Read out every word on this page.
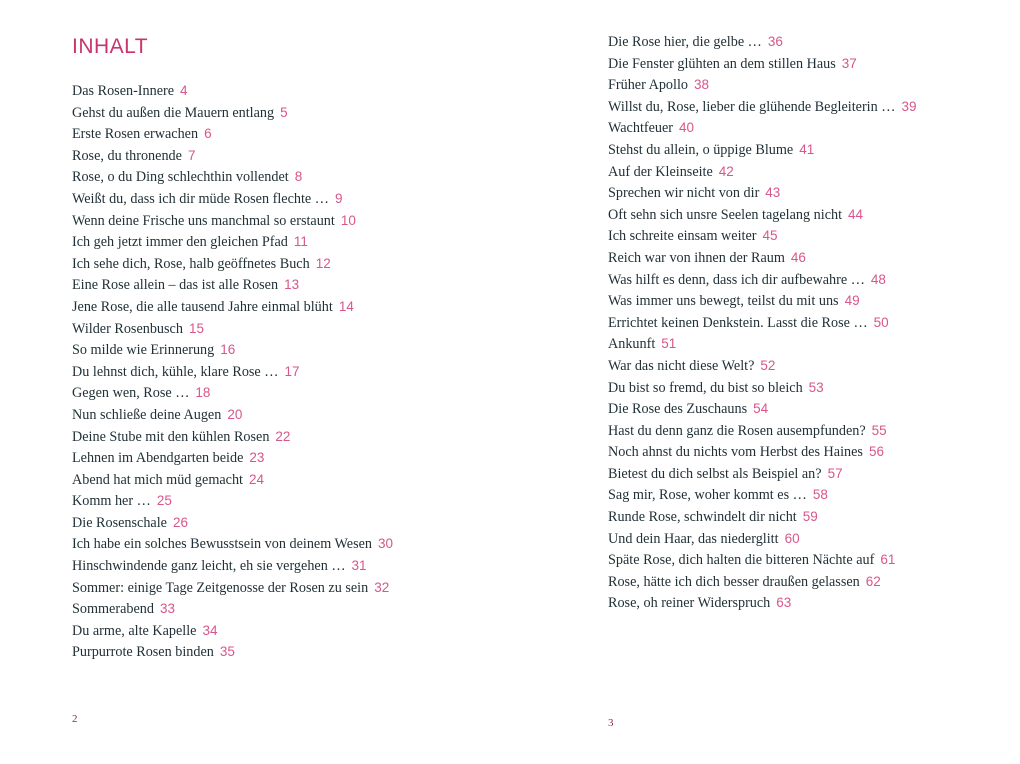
INHALT
Das Rosen-Innere 4
Gehst du außen die Mauern entlang 5
Erste Rosen erwachen 6
Rose, du thronende 7
Rose, o du Ding schlechthin vollendet 8
Weißt du, dass ich dir müde Rosen flechte … 9
Wenn deine Frische uns manchmal so erstaunt 10
Ich geh jetzt immer den gleichen Pfad 11
Ich sehe dich, Rose, halb geöffnetes Buch 12
Eine Rose allein – das ist alle Rosen 13
Jene Rose, die alle tausend Jahre einmal blüht 14
Wilder Rosenbusch 15
So milde wie Erinnerung 16
Du lehnst dich, kühle, klare Rose … 17
Gegen wen, Rose … 18
Nun schließe deine Augen 20
Deine Stube mit den kühlen Rosen 22
Lehnen im Abendgarten beide 23
Abend hat mich müd gemacht 24
Komm her … 25
Die Rosenschale 26
Ich habe ein solches Bewusstsein von deinem Wesen 30
Hinschwindende ganz leicht, eh sie vergehen … 31
Sommer: einige Tage Zeitgenosse der Rosen zu sein 32
Sommerabend 33
Du arme, alte Kapelle 34
Purpurrote Rosen binden 35
2
Die Rose hier, die gelbe … 36
Die Fenster glühten an dem stillen Haus 37
Früher Apollo 38
Willst du, Rose, lieber die glühende Begleiterin … 39
Wachtfeuer 40
Stehst du allein, o üppige Blume 41
Auf der Kleinseite 42
Sprechen wir nicht von dir 43
Oft sehn sich unsre Seelen tagelang nicht 44
Ich schreite einsam weiter 45
Reich war von ihnen der Raum 46
Was hilft es denn, dass ich dir aufbewahre … 48
Was immer uns bewegt, teilst du mit uns 49
Errichtet keinen Denkstein. Lasst die Rose … 50
Ankunft 51
War das nicht diese Welt? 52
Du bist so fremd, du bist so bleich 53
Die Rose des Zuschauns 54
Hast du denn ganz die Rosen ausempfunden? 55
Noch ahnst du nichts vom Herbst des Haines 56
Bietest du dich selbst als Beispiel an? 57
Sag mir, Rose, woher kommt es … 58
Runde Rose, schwindelt dir nicht 59
Und dein Haar, das niederglitt 60
Späte Rose, dich halten die bitteren Nächte auf 61
Rose, hätte ich dich besser draußen gelassen 62
Rose, oh reiner Widerspruch 63
3
